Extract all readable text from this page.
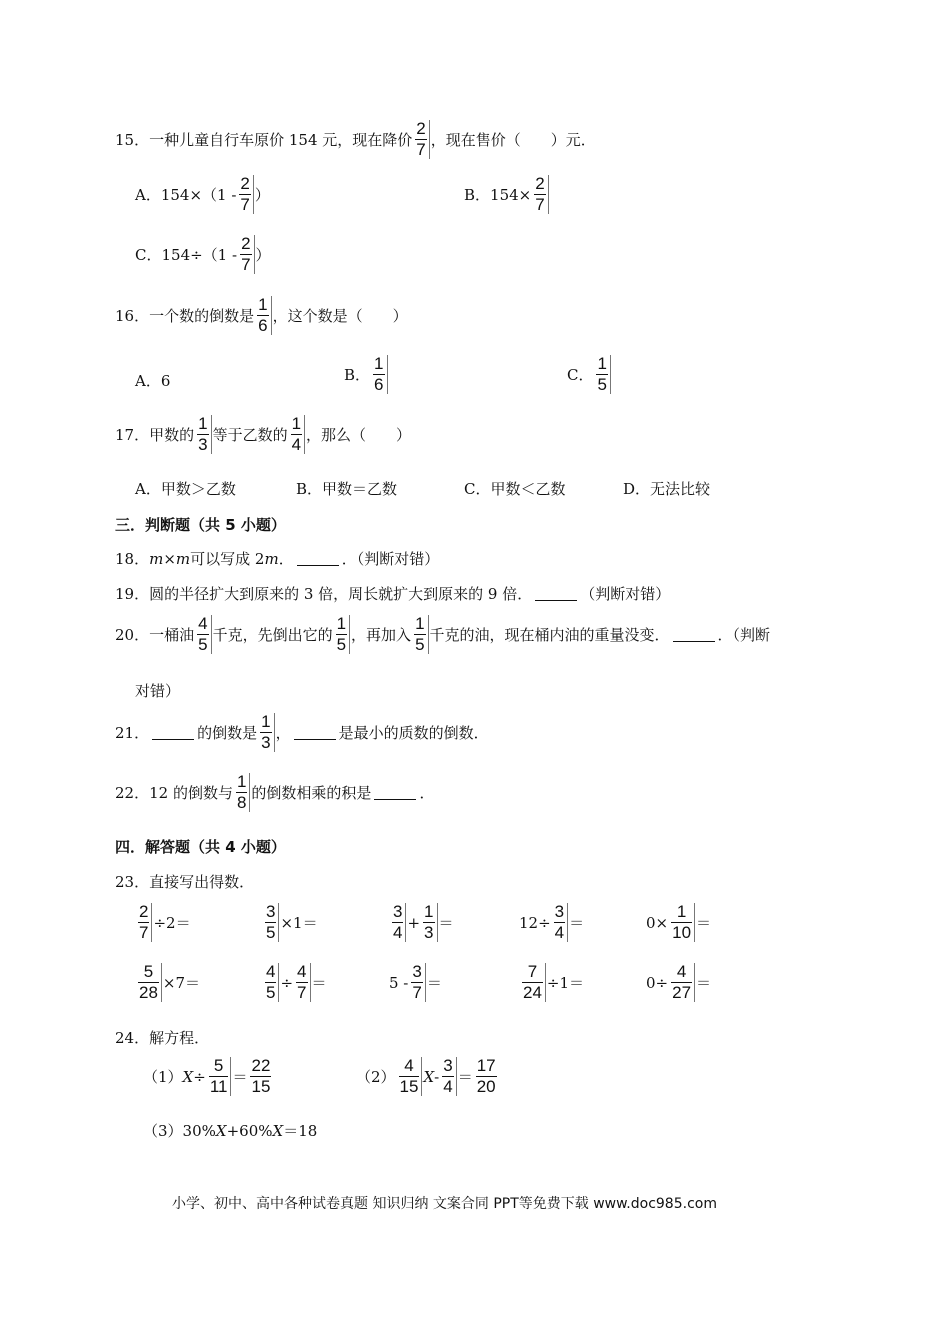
15．一种儿童自行车原价 154 元，现在降价 $\frac{2}{7}$ ，现在售价（　　）元．
A．$154\times(1 - \frac{2}{7}$ ）	B．$154\times \frac{2}{7}$
C．$154\div(1 - \frac{2}{7}$ ）
16．一个数的倒数是 $\frac{1}{6}$ ，这个数是（　　）
A．6	B． $\frac{1}{6}$	C． $\frac{1}{5}$
17．甲数的 $\frac{1}{3}$ 等于乙数的 $\frac{1}{4}$ ，那么（　　）
A．甲数＞乙数	B．甲数＝乙数	C．甲数＜乙数	D．无法比较
三．判断题（共 5 小题）
18． m × m 可以写成 2 m ．	．（判断对错）
19．圆的半径扩大到原来的 3 倍，周长就扩大到原来的 9 倍．	（判断对错）
20．一桶油 $\frac{4}{5}$ 千克，先倒出它的 $\frac{1}{5}$ ，再加入 $\frac{1}{5}$ 千克的油，现在桶内油的重量没变．	．（判断
对错）
21．	的倒数是 $\frac{1}{3}$ ，	是最小的质数的倒数．
22．12 的倒数与 $\frac{1}{8}$ 的倒数相乘的积是	．
四．解答题（共 4 小题）
23．直接写出得数．
$\frac{2}{7} \div 2=$	$\frac{3}{5} \times 1=$	$\frac{3}{4} + \frac{1}{3}$ ＝	$12\div \frac{3}{4}$ ＝	$0\times \frac{1}{10}$ ＝
$\frac{5}{28} \times 7=$	$\frac{4}{5} \div \frac{4}{7}$ ＝	$5 - \frac{3}{7}$ ＝	$\frac{7}{24} \div 1=$	$0\div \frac{4}{27}$ ＝
24．解方程．
（1） $X \div \frac{5}{11} = \frac{22}{15}$	$(2) \frac{4}{15}$ $X - \frac{3}{4} = \frac{17}{20}$
（3） 30% X +60% X ＝18
小学、初中、高中各种试卷真题 知识归纳 文案合同 PPT等免费下载 www.doc985.com
